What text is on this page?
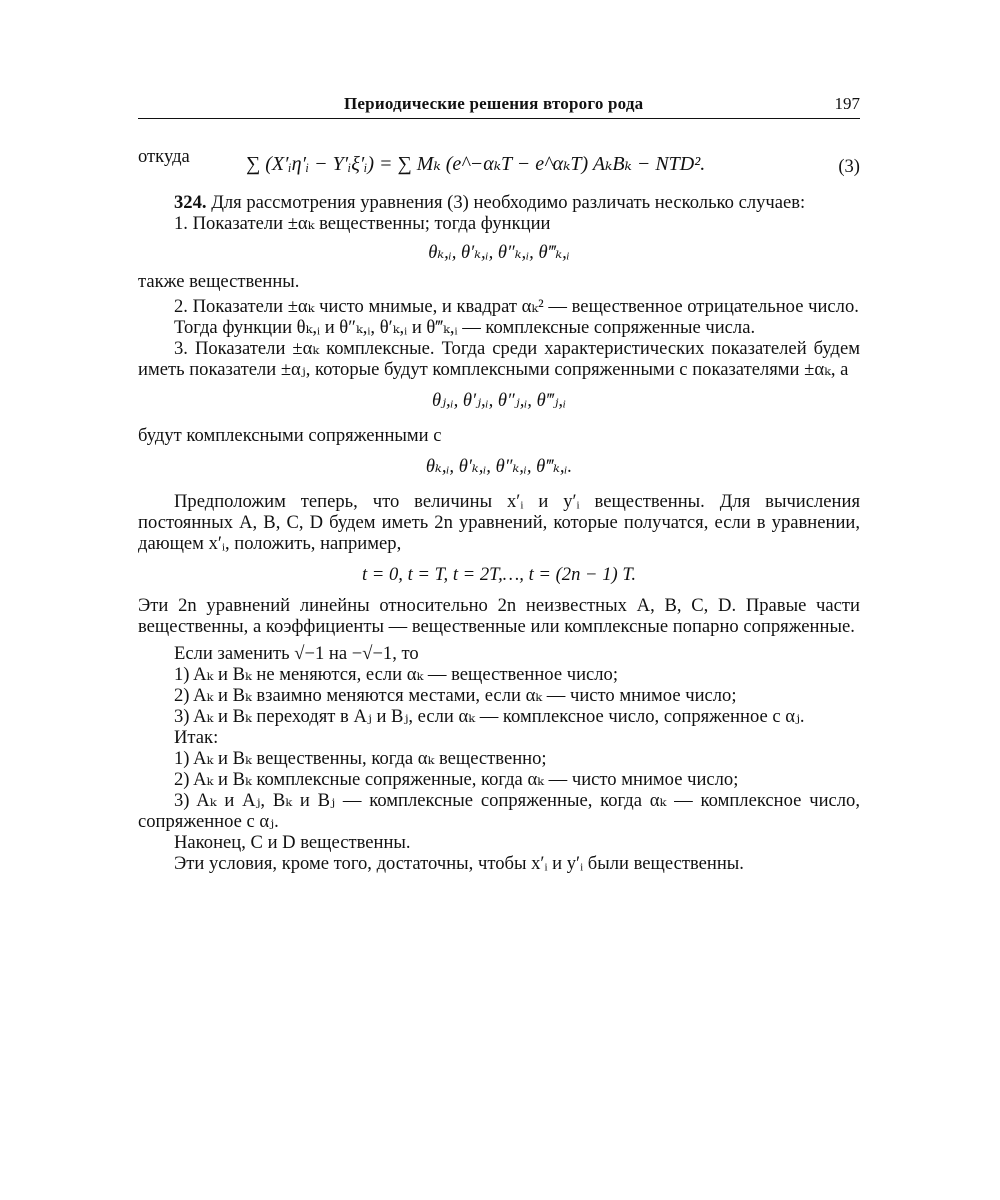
Периодические решения второго рода	197
откуда	∑ (X′ᵢη′ᵢ − Y′ᵢξ′ᵢ) = ∑ Mₖ (e^−αₖT − e^αₖT) AₖBₖ − NTD².	(3)

324. Для рассмотрения уравнения (3) необходимо различать несколько случаев:

1. Показатели ±αₖ вещественны; тогда функции

θₖ,ᵢ, θ′ₖ,ᵢ, θ″ₖ,ᵢ, θ‴ₖ,ᵢ

также вещественны.

2. Показатели ±αₖ чисто мнимые, и квадрат αₖ² — вещественное отрицательное число.

Тогда функции θₖ,ᵢ и θ″ₖ,ᵢ, θ′ₖ,ᵢ и θ‴ₖ,ᵢ — комплексные сопряженные числа.

3. Показатели ±αₖ комплексные. Тогда среди характеристических показателей будем иметь показатели ±αⱼ, которые будут комплексными сопряженными с показателями ±αₖ, а

θⱼ,ᵢ, θ′ⱼ,ᵢ, θ″ⱼ,ᵢ, θ‴ⱼ,ᵢ

будут комплексными сопряженными с

θₖ,ᵢ, θ′ₖ,ᵢ, θ″ₖ,ᵢ, θ‴ₖ,ᵢ.

Предположим теперь, что величины x′ᵢ и y′ᵢ вещественны. Для вычисления постоянных A, B, C, D будем иметь 2n уравнений, которые получатся, если в уравнении, дающем x′ᵢ, положить, например,

t = 0, t = T, t = 2T,…, t = (2n − 1) T.

Эти 2n уравнений линейны относительно 2n неизвестных A, B, C, D. Правые части вещественны, а коэффициенты — вещественные или комплексные попарно сопряженные.

Если заменить √−1 на −√−1, то

1) Aₖ и Bₖ не меняются, если αₖ — вещественное число;

2) Aₖ и Bₖ взаимно меняются местами, если αₖ — чисто мнимое число;

3) Aₖ и Bₖ переходят в Aⱼ и Bⱼ, если αₖ — комплексное число, сопряженное с αⱼ.

Итак:

1) Aₖ и Bₖ вещественны, когда αₖ вещественно;

2) Aₖ и Bₖ комплексные сопряженные, когда αₖ — чисто мнимое число;

3) Aₖ и Aⱼ, Bₖ и Bⱼ — комплексные сопряженные, когда αₖ — комплексное число, сопряженное с αⱼ.

Наконец, C и D вещественны.

Эти условия, кроме того, достаточны, чтобы x′ᵢ и y′ᵢ были вещественны.
